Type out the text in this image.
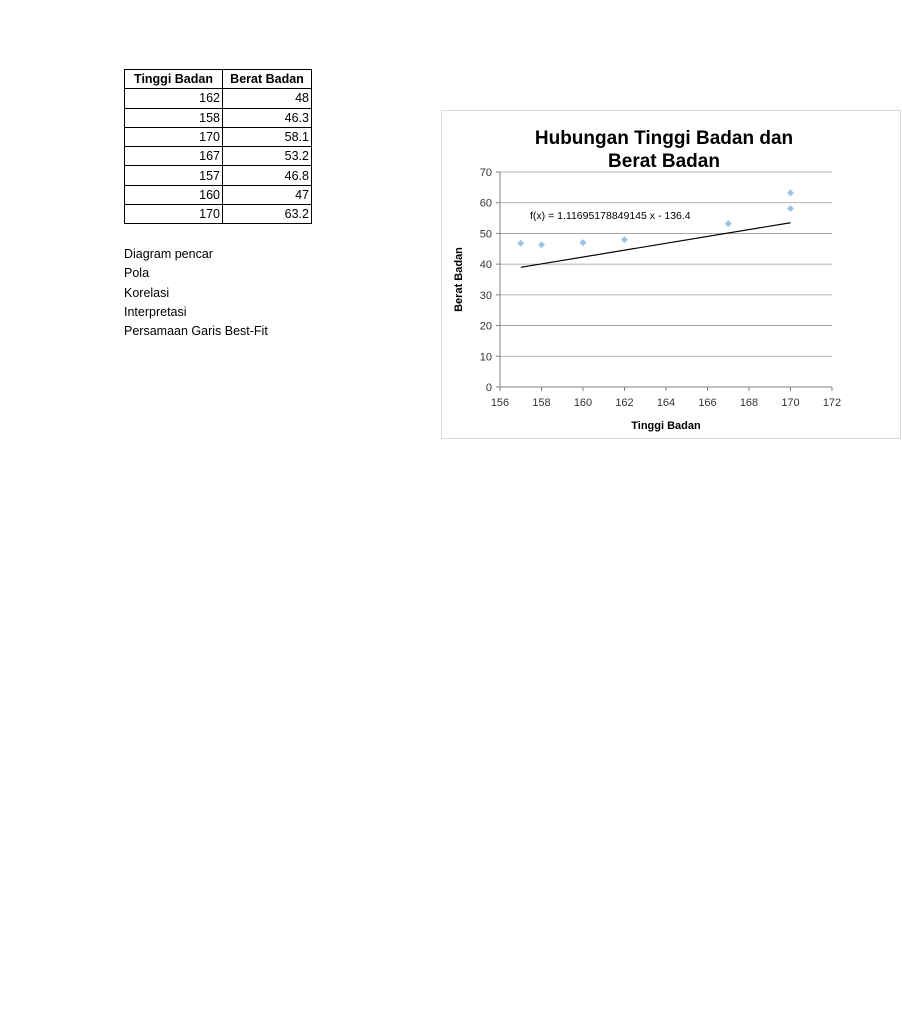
Tinggi Badan	Berat Badan
162	48
158	46.3
170	58.1
167	53.2
157	46.8
160	47
170	63.2
Diagram pencar
Pola
Korelasi
Interpretasi
Persamaan Garis Best-Fit
Hubungan Tinggi Badan dan
Berat Badan
0
10
20
30
40
50
60
70
156 158 160 162 164 166 168 170 172
Tinggi Badan
Berat Badan
f(x) = 1.11695178849145 x - 136.4
